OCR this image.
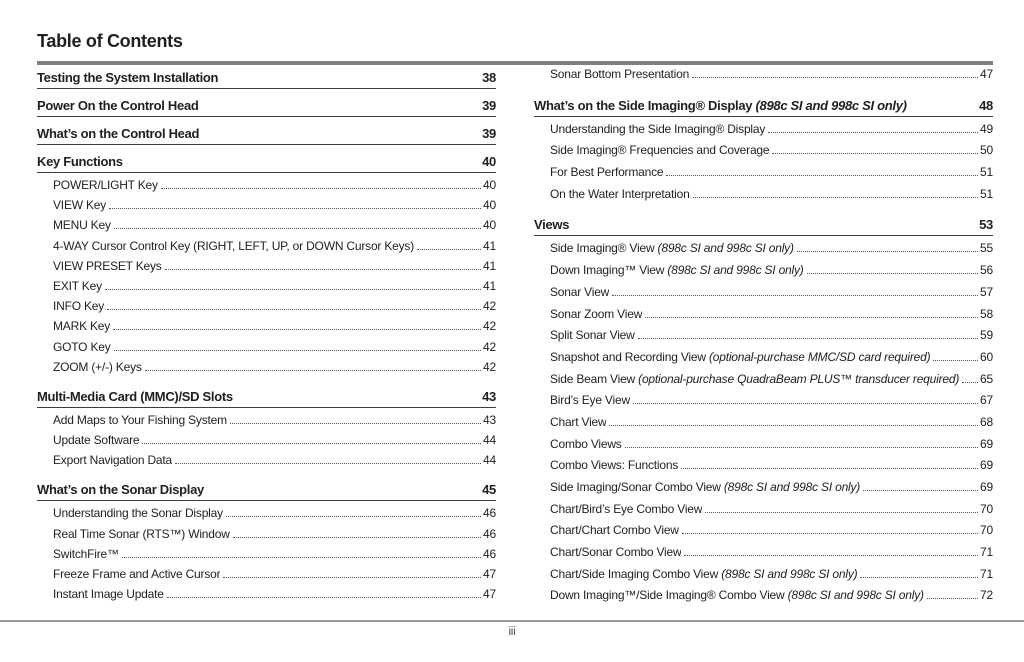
Table of Contents
Testing the System Installation	38
Power On the Control Head	39
What’s on the Control Head	39
Key Functions	40
POWER/LIGHT Key	40
VIEW Key	40
MENU Key	40
4-WAY Cursor Control Key (RIGHT, LEFT, UP, or DOWN Cursor Keys)	41
VIEW PRESET Keys	41
EXIT Key	41
INFO Key	42
MARK Key	42
GOTO Key	42
ZOOM (+/-) Keys	42
Multi-Media Card (MMC)/SD Slots	43
Add Maps to Your Fishing System	43
Update Software	44
Export Navigation Data	44
What’s on the Sonar Display	45
Understanding the Sonar Display	46
Real Time Sonar (RTS™) Window	46
SwitchFire™	46
Freeze Frame and Active Cursor	47
Instant Image Update	47
Sonar Bottom Presentation	47
What’s on the Side Imaging® Display (898c SI and 998c SI only)	48
Understanding the Side Imaging® Display	49
Side Imaging® Frequencies and Coverage	50
For Best Performance	51
On the Water Interpretation	51
Views	53
Side Imaging® View (898c SI and 998c SI only)	55
Down Imaging™ View (898c SI and 998c SI only)	56
Sonar View	57
Sonar Zoom View	58
Split Sonar View	59
Snapshot and Recording View (optional-purchase MMC/SD card required)	60
Side Beam View (optional-purchase QuadraBeam PLUS™ transducer required) 65
Bird’s Eye View	67
Chart View	68
Combo Views	69
Combo Views: Functions	69
Side Imaging/Sonar Combo View (898c SI and 998c SI only)	69
Chart/Bird’s Eye Combo View	70
Chart/Chart Combo View	70
Chart/Sonar Combo View	71
Chart/Side Imaging Combo View (898c SI and 998c SI only)	71
Down Imaging™/Side Imaging® Combo View (898c SI and 998c SI only)	72
iii
